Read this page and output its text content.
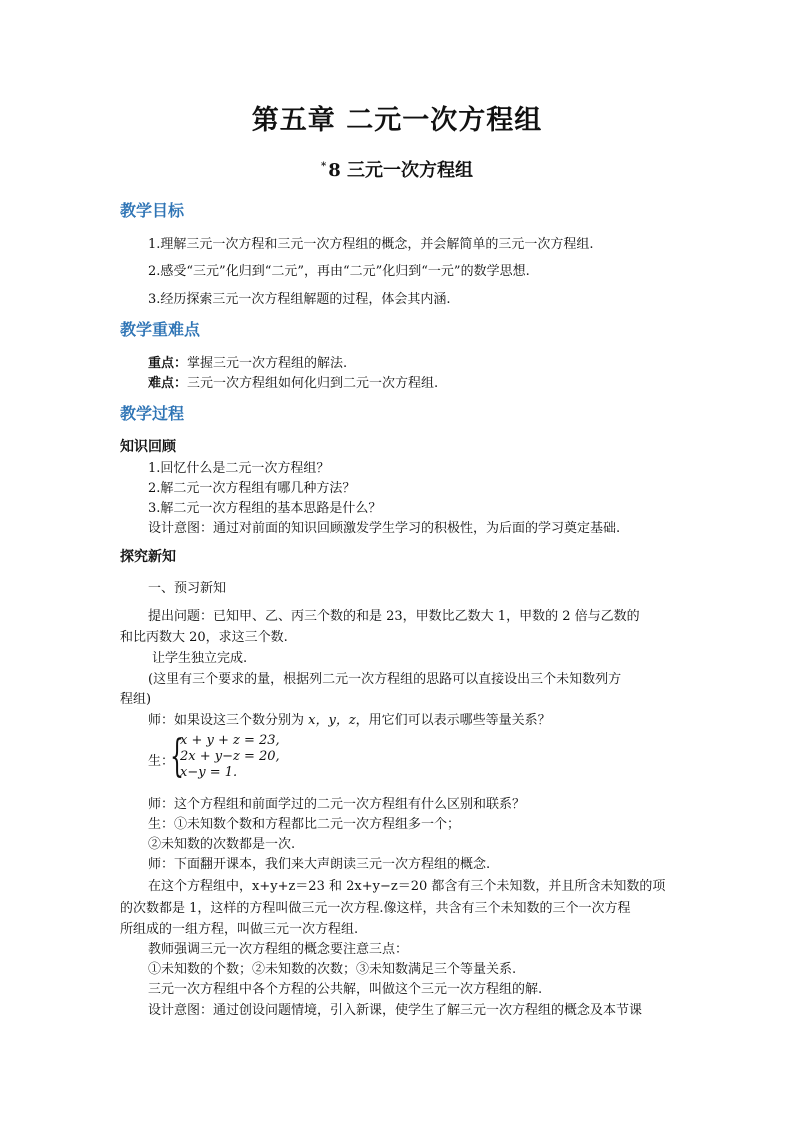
第五章 二元一次方程组
* 8 三元一次方程组
教学目标
1.理解三元一次方程和三元一次方程组的概念，并会解简单的三元一次方程组.
2.感受“三元”化归到“二元”，再由“二元”化归到“一元”的数学思想.
3.经历探索三元一次方程组解题的过程，体会其内涵.
教学重难点
重点：掌握三元一次方程组的解法.
难点：三元一次方程组如何化归到二元一次方程组.
教学过程
知识回顾
1.回忆什么是二元一次方程组？
2.解二元一次方程组有哪几种方法？
3.解二元一次方程组的基本思路是什么？
设计意图：通过对前面的知识回顾激发学生学习的积极性，为后面的学习奠定基础.
探究新知
一、预习新知
提出问题：已知甲、乙、丙三个数的和是 23，甲数比乙数大 1，甲数的 2 倍与乙数的
和比丙数大 20，求这三个数.
让学生独立完成.
(这里有三个要求的量，根据列二元一次方程组的思路可以直接设出三个未知数列方
程组)
师：如果设这三个数分别为 x，y，z，用它们可以表示哪些等量关系？
生：
{
x + y + z = 23,
2x + y−z = 20,
x−y = 1.
师：这个方程组和前面学过的二元一次方程组有什么区别和联系？
生：①未知数个数和方程都比二元一次方程组多一个；
②未知数的次数都是一次.
师：下面翻开课本，我们来大声朗读三元一次方程组的概念.
在这个方程组中，x+y+z＝23 和 2x+y−z＝20 都含有三个未知数，并且所含未知数的项
的次数都是 1，这样的方程叫做三元一次方程.像这样，共含有三个未知数的三个一次方程
所组成的一组方程，叫做三元一次方程组.
教师强调三元一次方程组的概念要注意三点：
①未知数的个数；②未知数的次数；③未知数满足三个等量关系.
三元一次方程组中各个方程的公共解，叫做这个三元一次方程组的解.
设计意图：通过创设问题情境，引入新课，使学生了解三元一次方程组的概念及本节课
